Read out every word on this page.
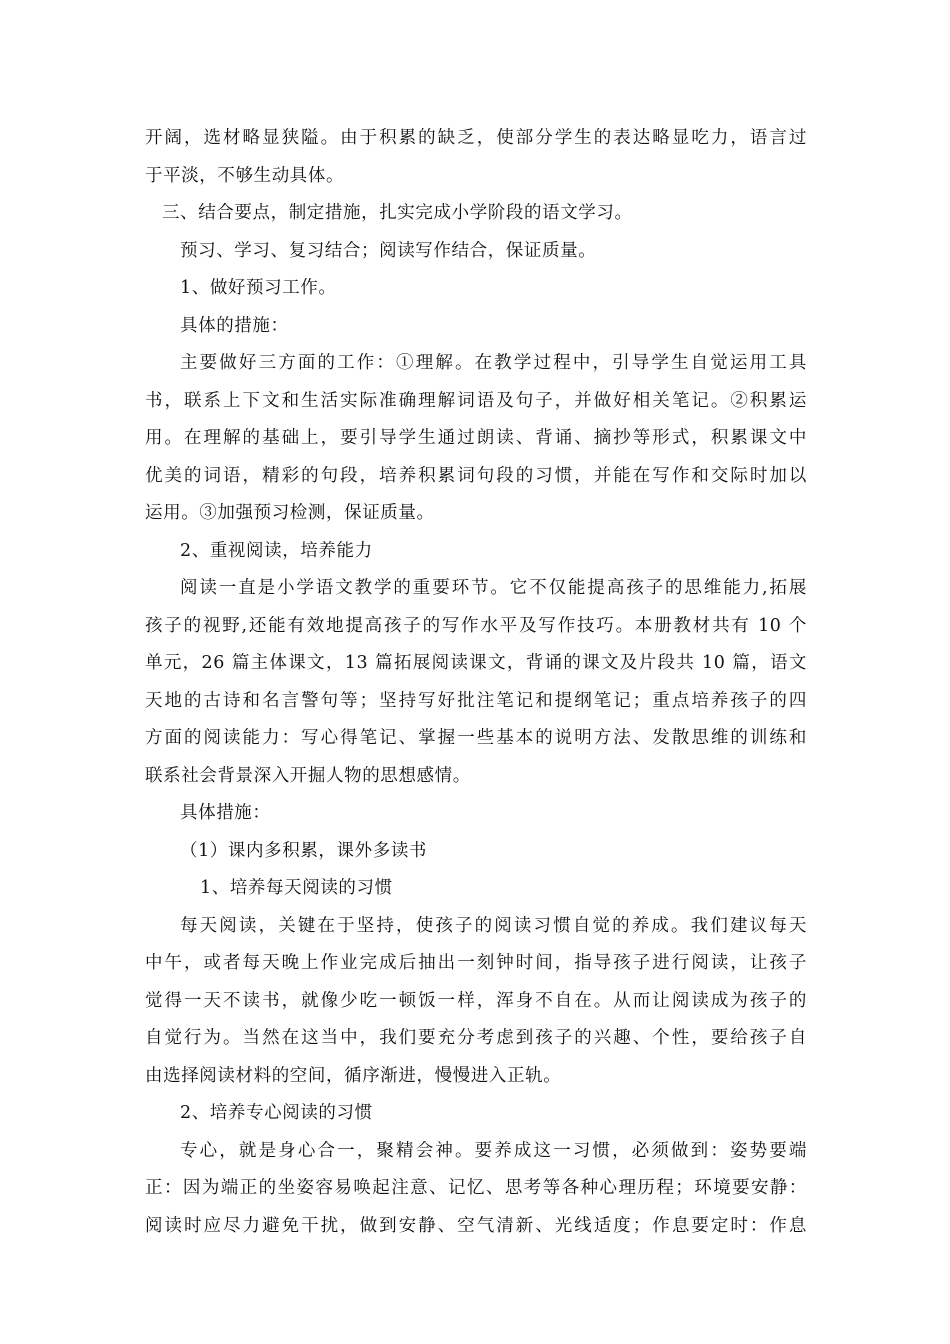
开阔，选材略显狭隘。由于积累的缺乏，使部分学生的表达略显吃力，语言过
于平淡，不够生动具体。
三、结合要点，制定措施，扎实完成小学阶段的语文学习。
预习、学习、复习结合；阅读写作结合，保证质量。
1、做好预习工作。
具体的措施：
主要做好三方面的工作：①理解。在教学过程中，引导学生自觉运用工具
书，联系上下文和生活实际准确理解词语及句子，并做好相关笔记。②积累运
用。在理解的基础上，要引导学生通过朗读、背诵、摘抄等形式，积累课文中
优美的词语，精彩的句段，培养积累词句段的习惯，并能在写作和交际时加以
运用。③加强预习检测，保证质量。
2、重视阅读，培养能力
阅读一直是小学语文教学的重要环节。它不仅能提高孩子的思维能力,拓展
孩子的视野,还能有效地提高孩子的写作水平及写作技巧。本册教材共有 10 个
单元，26 篇主体课文，13 篇拓展阅读课文，背诵的课文及片段共 10 篇，语文
天地的古诗和名言警句等；坚持写好批注笔记和提纲笔记；重点培养孩子的四
方面的阅读能力：写心得笔记、掌握一些基本的说明方法、发散思维的训练和
联系社会背景深入开掘人物的思想感情。
具体措施：
（1）课内多积累，课外多读书
1、培养每天阅读的习惯
每天阅读，关键在于坚持，使孩子的阅读习惯自觉的养成。我们建议每天
中午，或者每天晚上作业完成后抽出一刻钟时间，指导孩子进行阅读，让孩子
觉得一天不读书，就像少吃一顿饭一样，浑身不自在。从而让阅读成为孩子的
自觉行为。当然在这当中，我们要充分考虑到孩子的兴趣、个性，要给孩子自
由选择阅读材料的空间，循序渐进，慢慢进入正轨。
2、培养专心阅读的习惯
专心，就是身心合一，聚精会神。要养成这一习惯，必须做到：姿势要端
正：因为端正的坐姿容易唤起注意、记忆、思考等各种心理历程；环境要安静：
阅读时应尽力避免干扰，做到安静、空气清新、光线适度；作息要定时：作息
